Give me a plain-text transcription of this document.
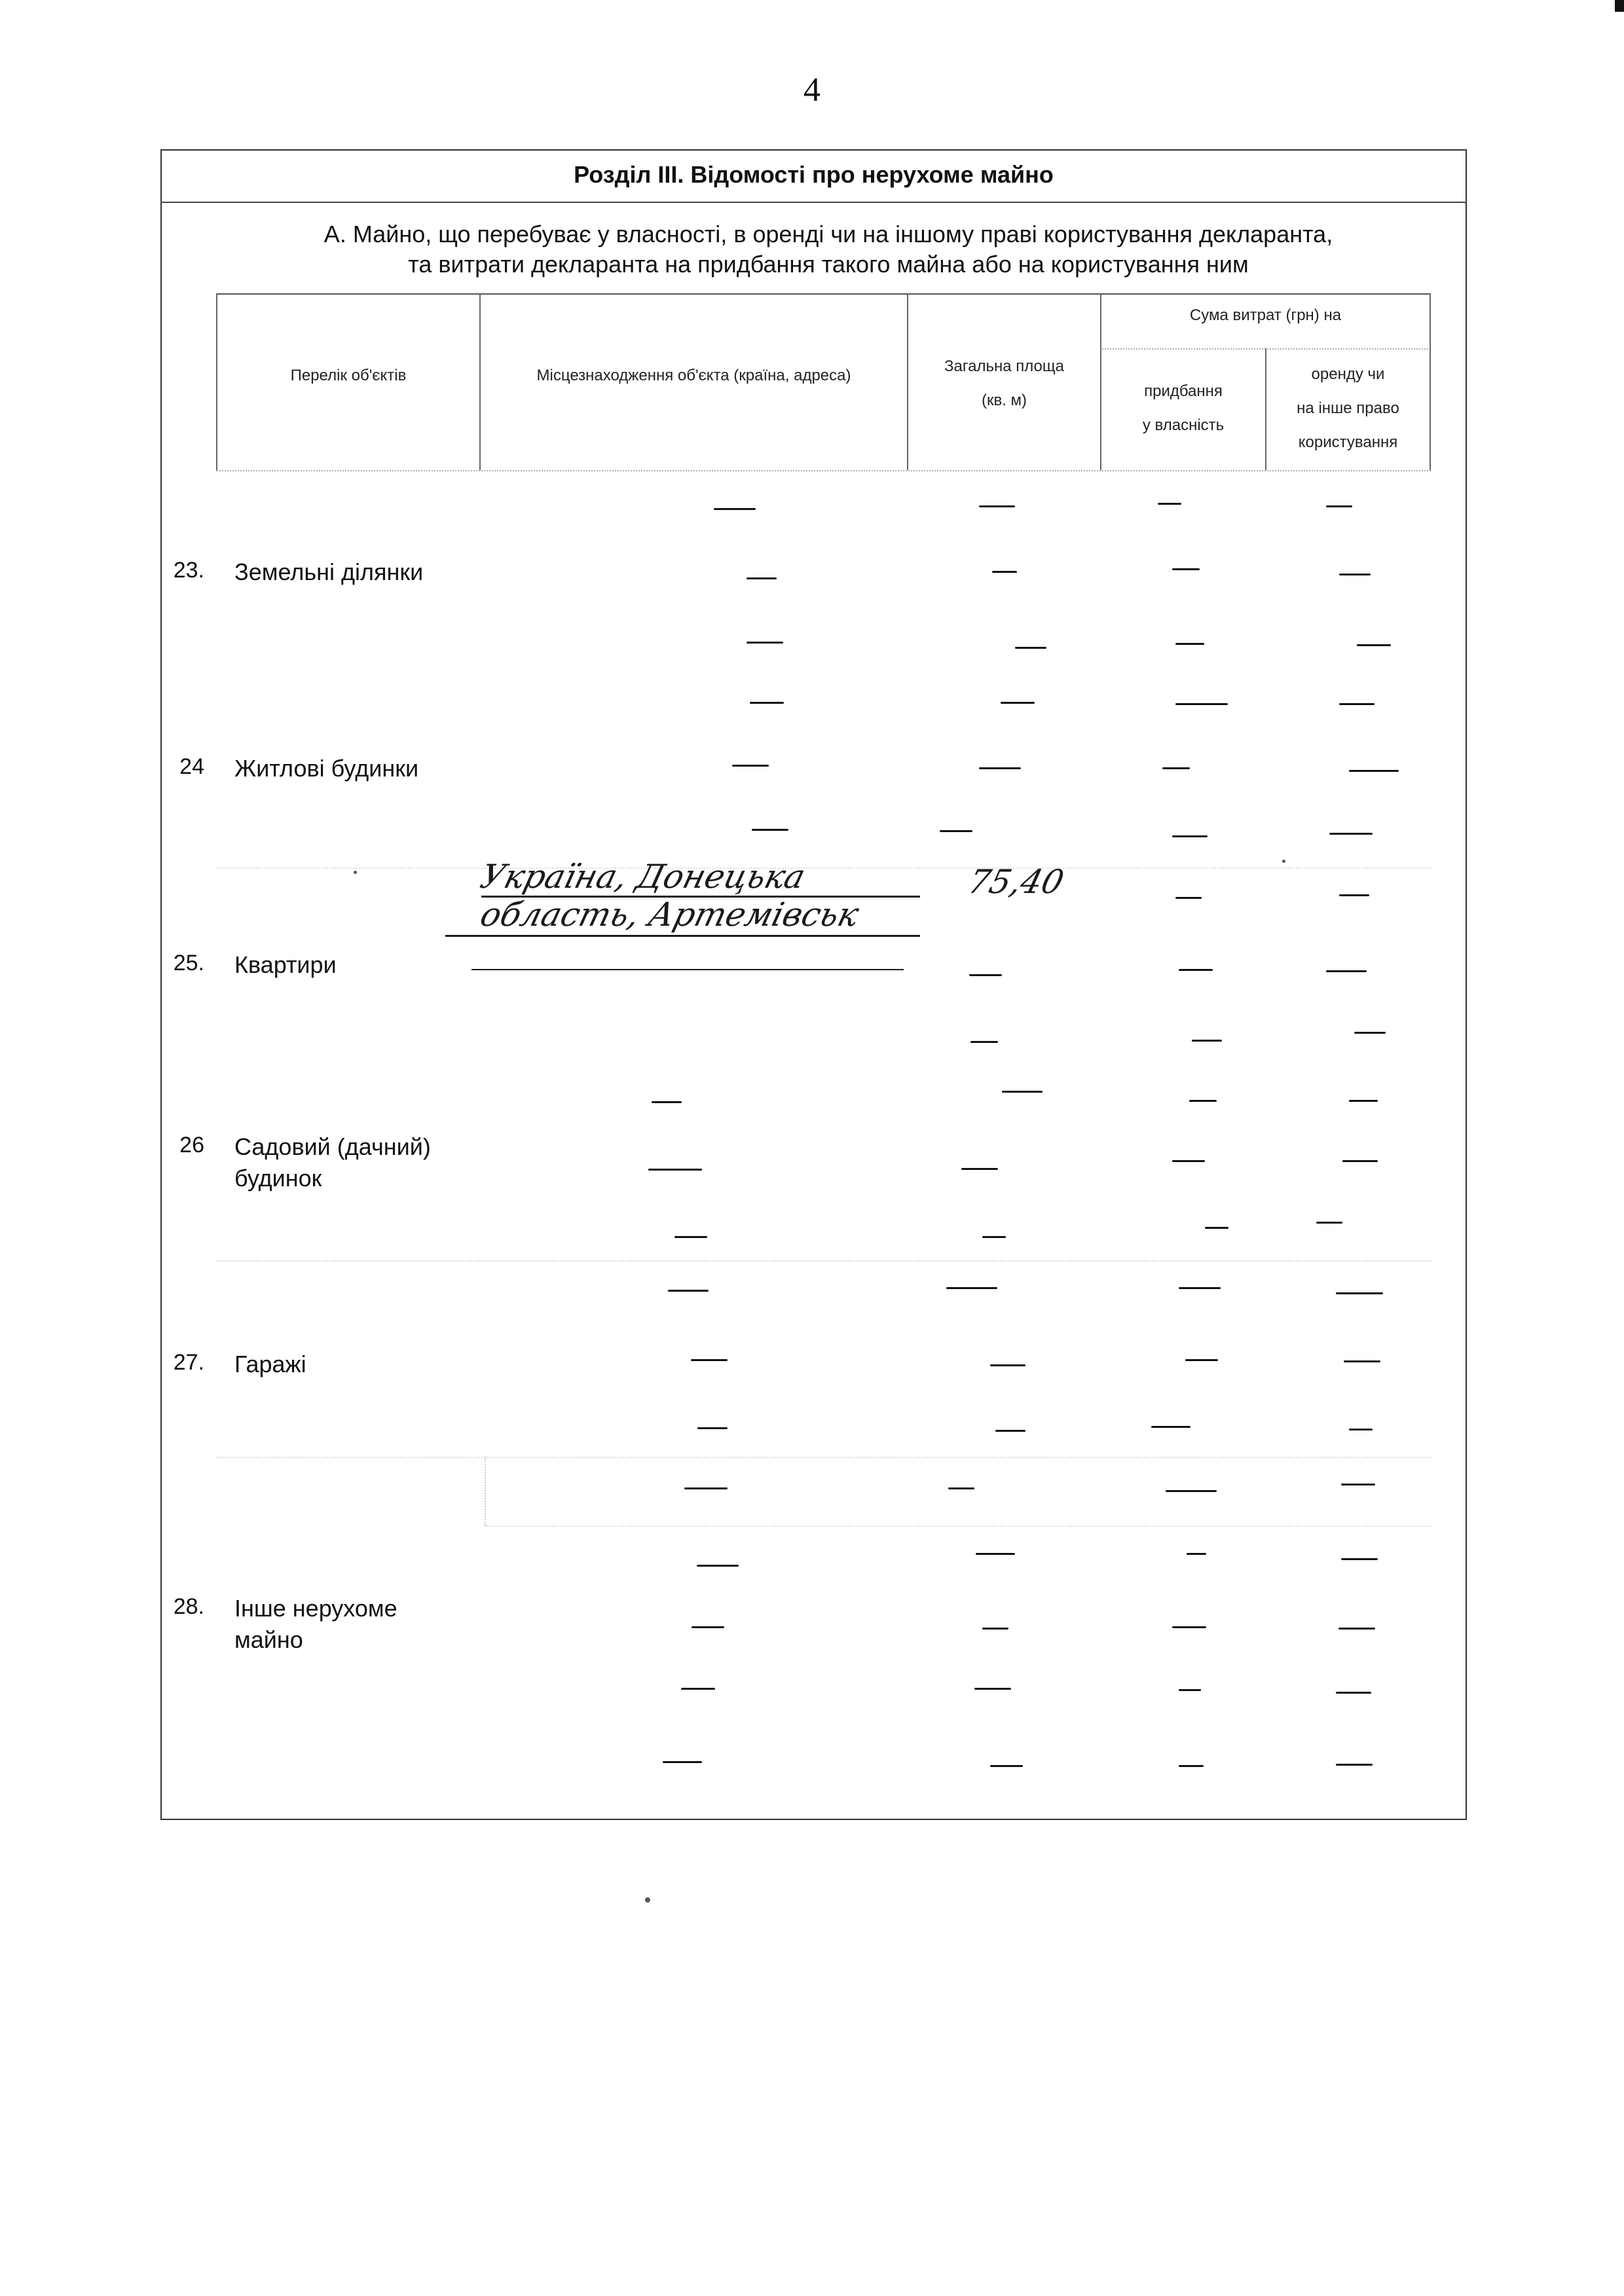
4
Розділ ІІІ. Відомості про нерухоме майно
А. Майно, що перебуває у власності, в оренді чи на іншому праві користування декларанта,
та витрати декларанта на придбання такого майна або на користування ним
Перелік об'єктів	Місцезнаходження об'єкта (країна, адреса)
Загальна площа
(кв. м)
Сума витрат (грн) на
придбання
у власність
оренду чи
на інше право
користування
23. Земельні ділянки
24 Житлові будинки
25. Квартири
26 Садовий (дачний)
будинок
27. Гаражі
28. Інше нерухоме
майно
Україна, Донецька
область, Артемівськ
75,40
